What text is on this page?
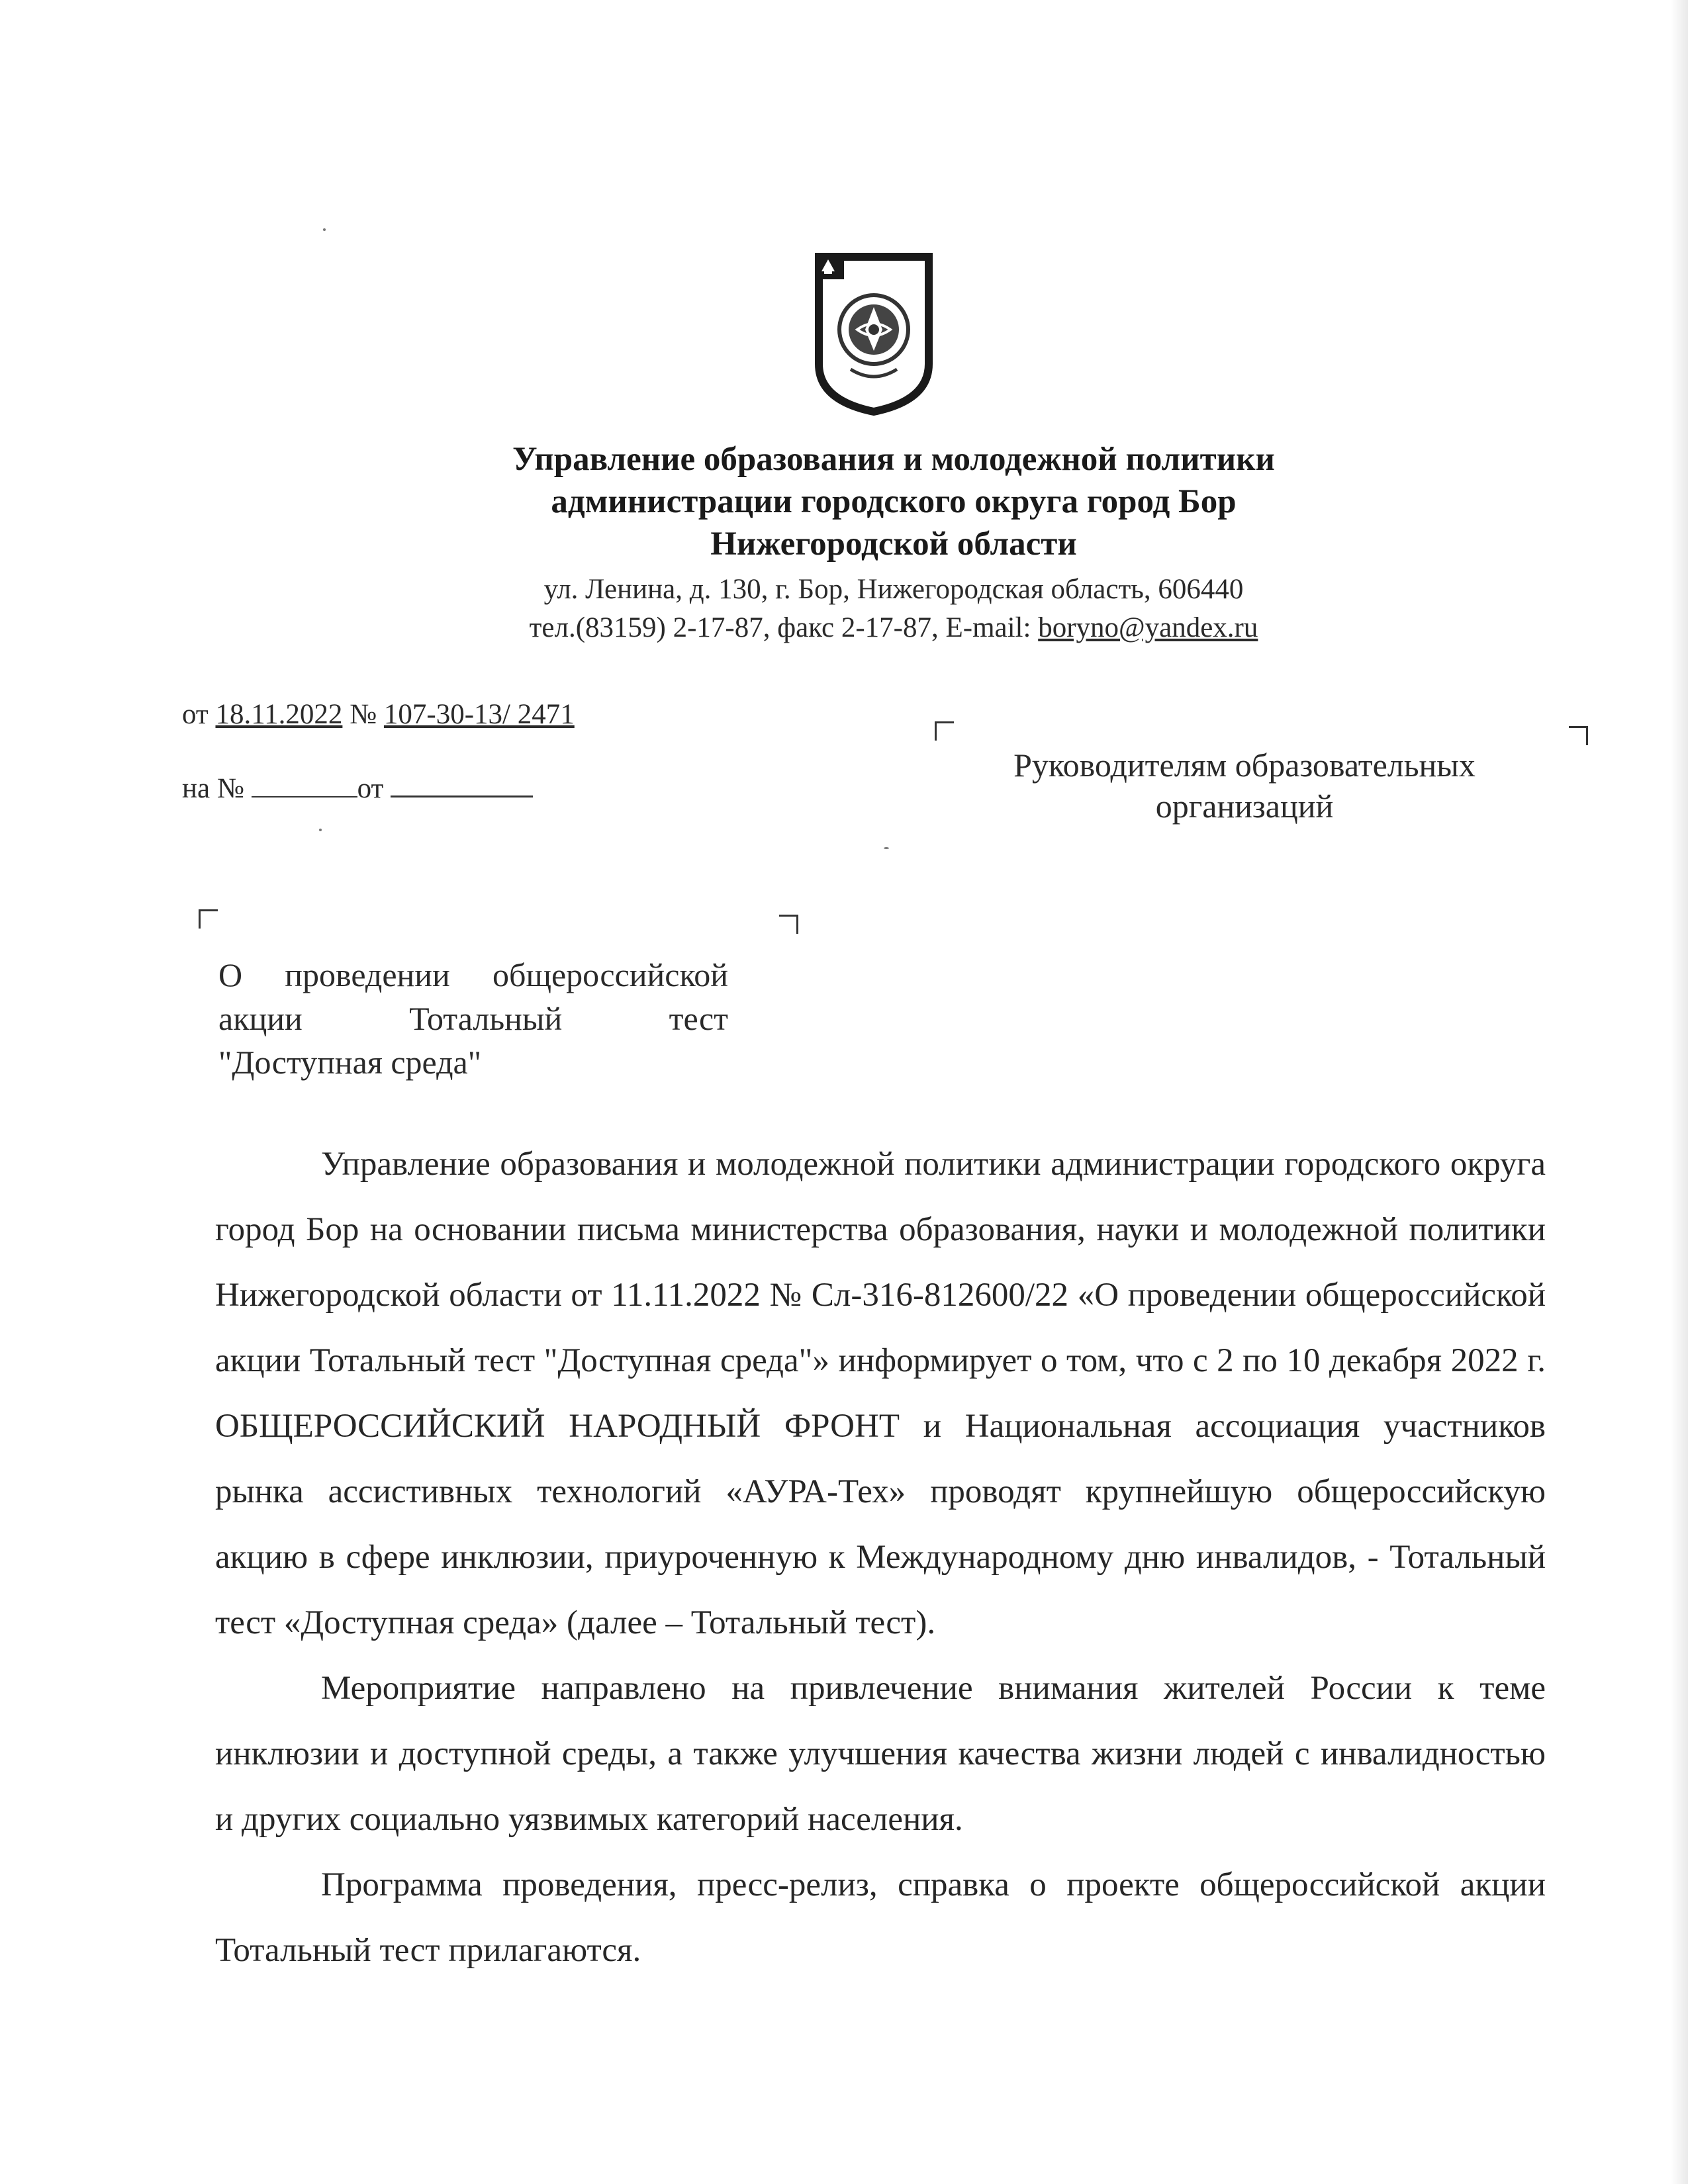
Управление образования и молодежной политики
администрации городского округа город Бор
Нижегородской области
ул. Ленина, д. 130, г. Бор, Нижегородская область, 606440
тел.(83159) 2-17-87, факс 2-17-87, E-mail: boryno@yandex.ru
от 18.11.2022 № 107-30-13/ 2471
на №	от
Руководителям образовательных
организаций
О проведении общероссийской
акции Тотальный тест
"Доступная среда"

Управление образования и молодежной политики администрации городского округа город Бор на основании письма министерства образования, науки и молодежной политики Нижегородской области от 11.11.2022 № Сл-316-812600/22 «О проведении общероссийской акции Тотальный тест "Доступная среда"» информирует о том, что с 2 по 10 декабря 2022 г. ОБЩЕРОССИЙСКИЙ НАРОДНЫЙ ФРОНТ и Национальная ассоциация участников рынка ассистивных технологий «АУРА-Тех» проводят крупнейшую общероссийскую акцию в сфере инклюзии, приуроченную к Международному дню инвалидов, - Тотальный тест «Доступная среда» (далее – Тотальный тест).

Мероприятие направлено на привлечение внимания жителей России к теме инклюзии и доступной среды, а также улучшения качества жизни людей с инвалидностью и других социально уязвимых категорий населения.

Программа проведения, пресс-релиз, справка о проекте общероссийской акции Тотальный тест прилагаются.
